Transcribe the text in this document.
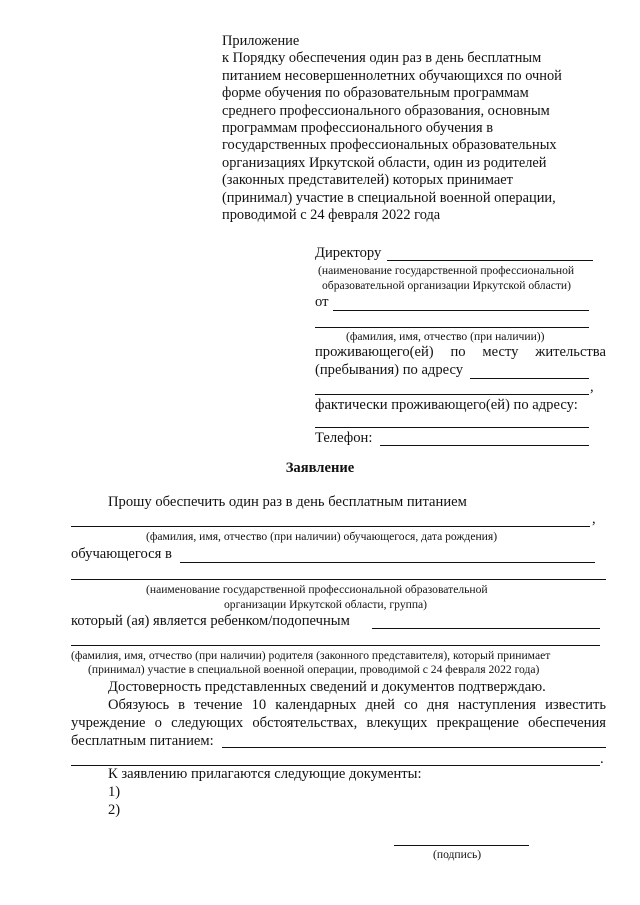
Приложение
к Порядку обеспечения один раз в день бесплатным
питанием несовершеннолетних обучающихся по очной
форме обучения по образовательным программам
среднего профессионального образования, основным
программам профессионального обучения в
государственных профессиональных образовательных
организациях Иркутской области, один из родителей
(законных представителей) которых принимает
(принимал) участие в специальной военной операции,
проводимой с 24 февраля 2022 года
Директору
(наименование государственной профессиональной
образовательной организации Иркутской области)
от
(фамилия, имя, отчество (при наличии))
проживающего(ей) по месту жительства
(пребывания) по адресу
,
фактически проживающего(ей) по адресу:
Телефон:
Заявление
Прошу обеспечить один раз в день бесплатным питанием
,
(фамилия, имя, отчество (при наличии) обучающегося, дата рождения)
обучающегося в
(наименование государственной профессиональной образовательной
организации Иркутской области, группа)
который (ая) является ребенком/подопечным
(фамилия, имя, отчество (при наличии) родителя (законного представителя), который принимает
(принимал) участие в специальной военной операции, проводимой с 24 февраля 2022 года)
Достоверность представленных сведений и документов подтверждаю.
Обязуюсь в течение 10 календарных дней со дня наступления известить
учреждение о следующих обстоятельствах, влекущих прекращение обеспечения
бесплатным питанием:
.
К заявлению прилагаются следующие документы:
1)
2)
(подпись)
